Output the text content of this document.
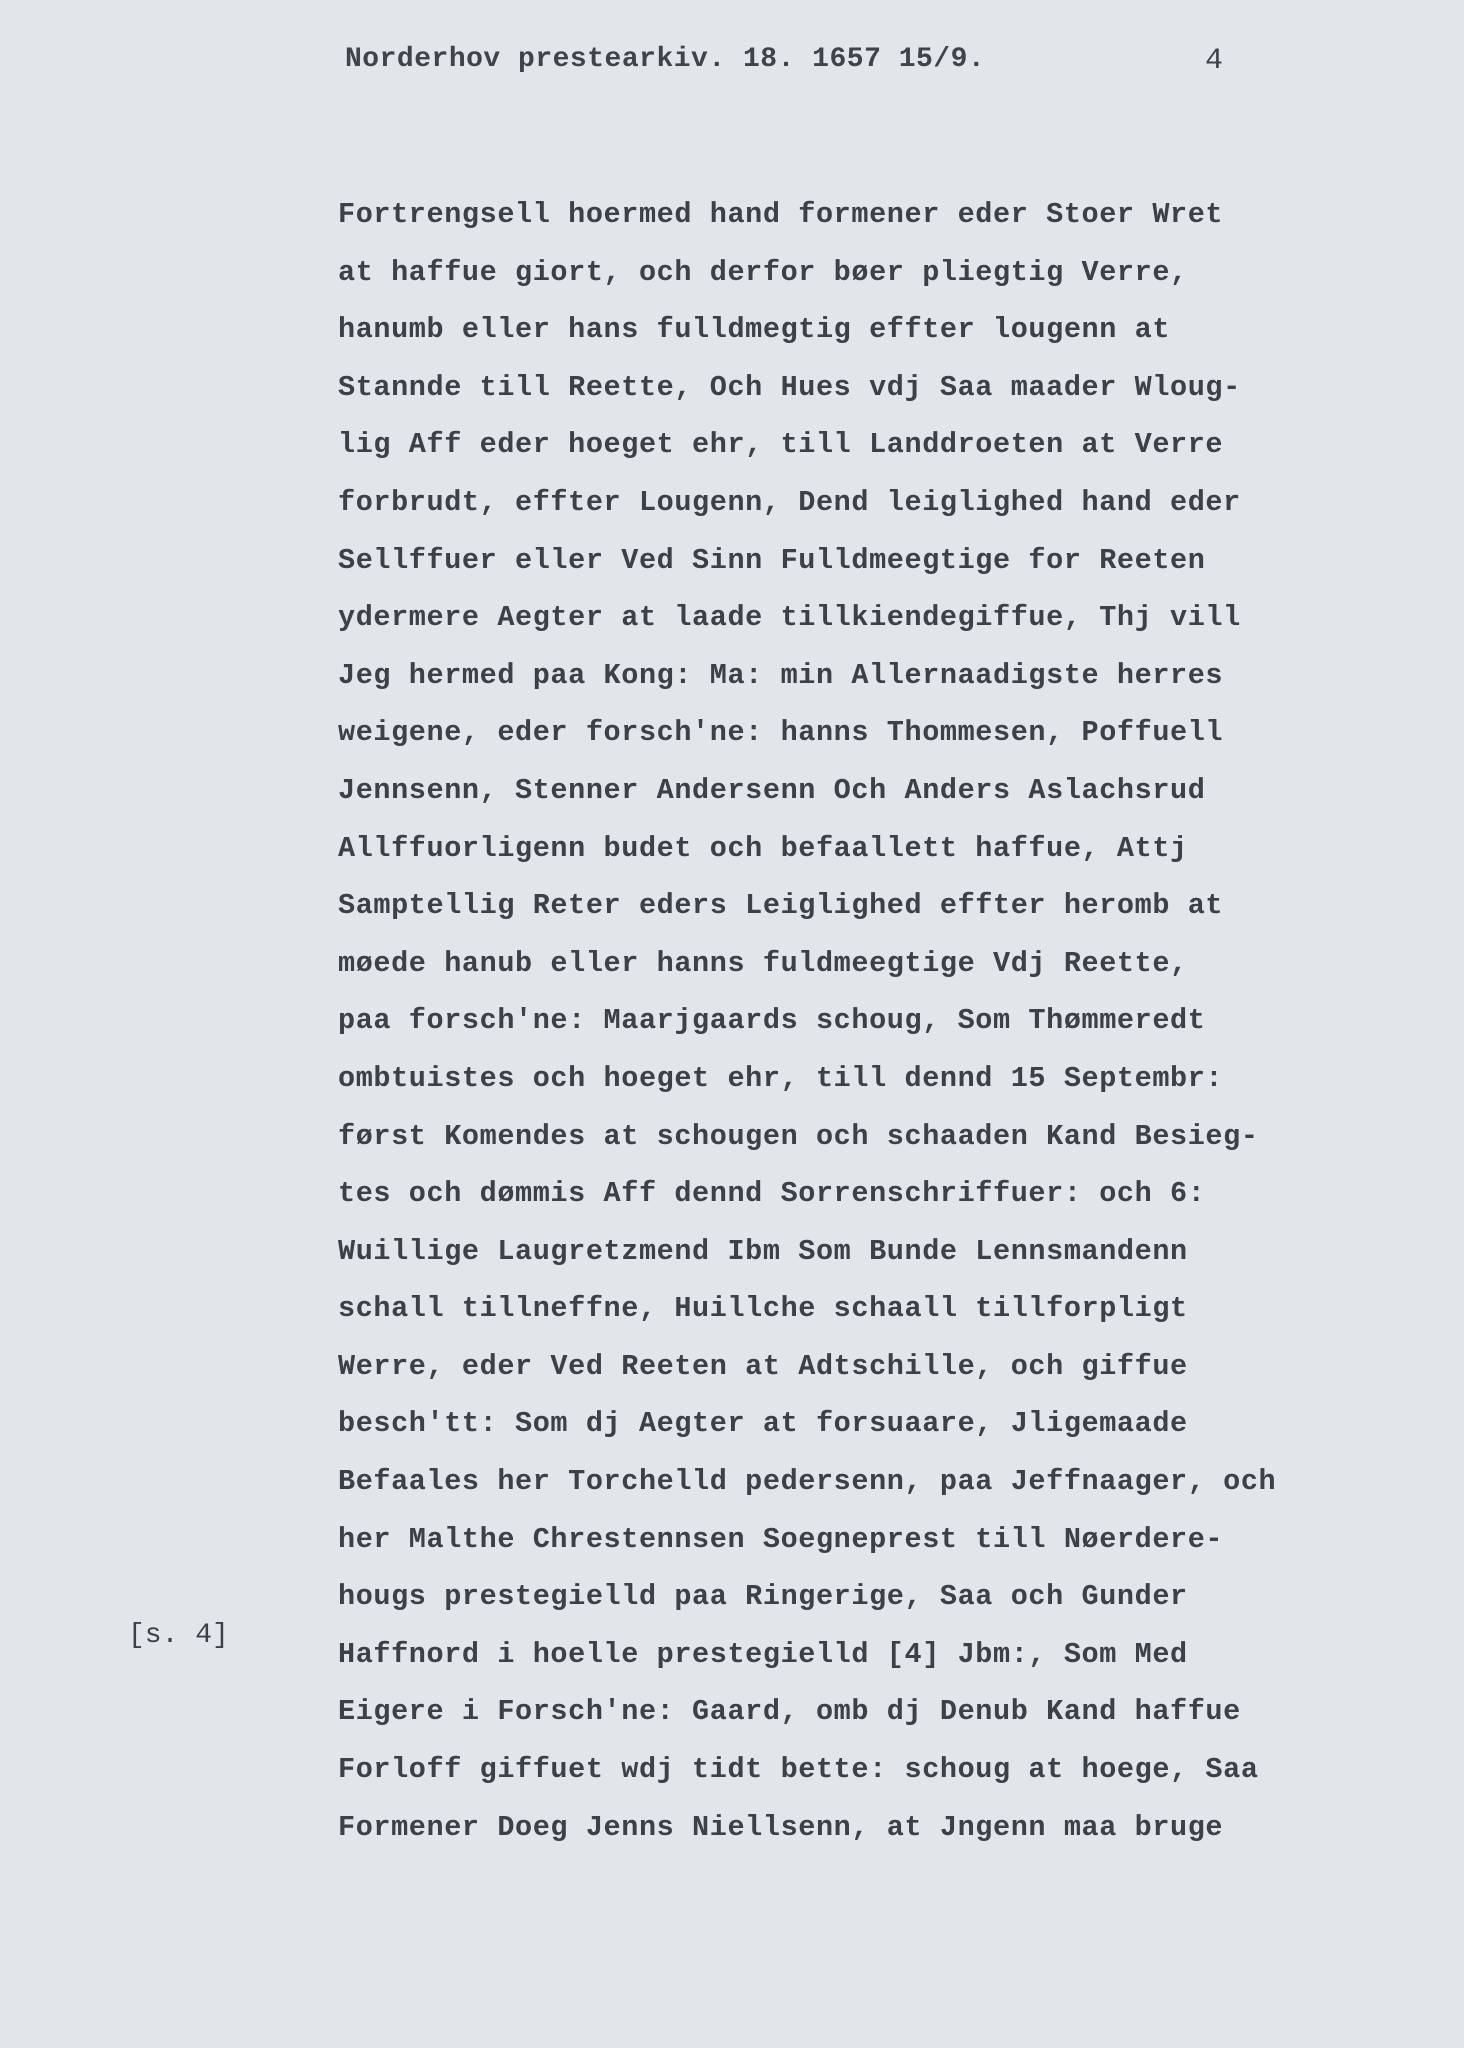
Norderhov prestearkiv. 18. 1657 15/9.	4
Fortrengsell hoermed hand formener eder Stoer Wret
at haffue giort, och derfor bøer pliegtig Verre,
hanumb eller hans fulldmegtig effter lougenn at
Stannde till Reette, Och Hues vdj Saa maader Wloug-
lig Aff eder hoeget ehr, till Landdroeten at Verre
forbrudt, effter Lougenn, Dend leiglighed hand eder
Sellffuer eller Ved Sinn Fulldmeegtige for Reeten
ydermere Aegter at laade tillkiendegiffue, Thj vill
Jeg hermed paa Kong: Ma: min Allernaadigste herres
weigene, eder forsch'ne: hanns Thommesen, Poffuell
Jennsenn, Stenner Andersenn Och Anders Aslachsrud
Allffuorligenn budet och befaallett haffue, Attj
Samptellig Reter eders Leiglighed effter heromb at
møede hanub eller hanns fuldmeegtige Vdj Reette,
paa forsch'ne: Maarjgaards schoug, Som Thømmeredt
ombtuistes och hoeget ehr, till dennd 15 Septembr:
først Komendes at schougen och schaaden Kand Besieg-
tes och dømmis Aff dennd Sorrenschriffuer: och 6:
Wuillige Laugretzmend Ibm Som Bunde Lennsmandenn
schall tillneffne, Huillche schaall tillforpligt
Werre, eder Ved Reeten at Adtschille, och giffue
besch'tt: Som dj Aegter at forsuaare, Jligemaade
Befaales her Torchelld pedersenn, paa Jeffnaager, och
her Malthe Chrestennsen Soegneprest till Nøerdere-
hougs prestegielld paa Ringerige, Saa och Gunder
Haffnord i hoelle prestegielld [4] Jbm:, Som Med
Eigere i Forsch'ne: Gaard, omb dj Denub Kand haffue
Forloff giffuet wdj tidt bette: schoug at hoege, Saa
Formener Doeg Jenns Niellsenn, at Jngenn maa bruge
[s. 4]
